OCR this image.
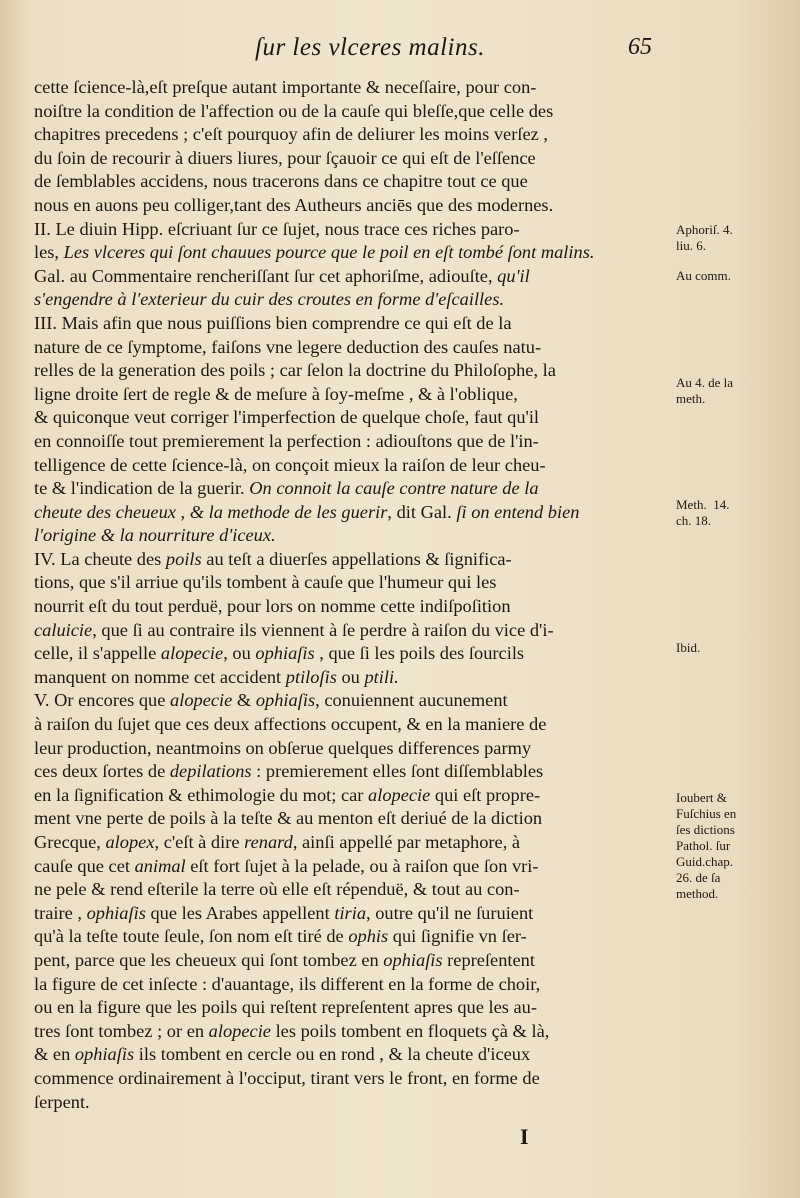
ſur les vlceres malins.	65
cette ſcience-là,eſt preſque autant importante & neceſſaire, pour con-
noiſtre la condition de l'affection ou de la cauſe qui bleſſe,que celle des
chapitres precedens ; c'eſt pourquoy afin de deliurer les moins verſez ,
du ſoin de recourir à diuers liures, pour ſçauoir ce qui eſt de l'eſſence
de ſemblables accidens, nous tracerons dans ce chapitre tout ce que
nous en auons peu colliger,tant des Autheurs anciēs que des modernes.
II. Le diuin Hipp. eſcriuant ſur ce ſujet, nous trace ces riches paro-
les, Les vlceres qui ſont chauues pource que le poil en eſt tombé ſont malins.
Gal. au Commentaire rencheriſſant ſur cet aphoriſme, adiouſte, qu'il
s'engendre à l'exterieur du cuir des croutes en forme d'eſcailles.
III. Mais afin que nous puiſſions bien comprendre ce qui eſt de la
nature de ce ſymptome, faiſons vne legere deduction des cauſes natu-
relles de la generation des poils ; car ſelon la doctrine du Philoſophe, la
ligne droite ſert de regle & de meſure à ſoy-meſme , & à l'oblique,
& quiconque veut corriger l'imperfection de quelque choſe, faut qu'il
en connoiſſe tout premierement la perfection : adiouſtons que de l'in-
telligence de cette ſcience-là, on conçoit mieux la raiſon de leur cheu-
te & l'indication de la guerir. On connoit la cauſe contre nature de la
cheute des cheueux , & la methode de les guerir, dit Gal. ſi on entend bien
l'origine & la nourriture d'iceux.
IV. La cheute des poils au teſt a diuerſes appellations & ſignifica-
tions, que s'il arriue qu'ils tombent à cauſe que l'humeur qui les
nourrit eſt du tout perduë, pour lors on nomme cette indiſpoſition
caluicie, que ſi au contraire ils viennent à ſe perdre à raiſon du vice d'i-
celle, il s'appelle alopecie, ou ophiaſis , que ſi les poils des ſourcils
manquent on nomme cet accident ptiloſis ou ptili.
V. Or encores que alopecie & ophiaſis, conuiennent aucunement
à raiſon du ſujet que ces deux affections occupent, & en la maniere de
leur production, neantmoins on obſerue quelques differences parmy
ces deux ſortes de depilations : premierement elles ſont diſſemblables
en la ſignification & ethimologie du mot; car alopecie qui eſt propre-
ment vne perte de poils à la teſte & au menton eſt deriué de la diction
Grecque, alopex, c'eſt à dire renard, ainſi appellé par metaphore, à
cauſe que cet animal eſt fort ſujet à la pelade, ou à raiſon que ſon vri-
ne pele & rend eſterile la terre où elle eſt répenduë, & tout au con-
traire , ophiaſis que les Arabes appellent tiria, outre qu'il ne ſuruient
qu'à la teſte toute ſeule, ſon nom eſt tiré de ophis qui ſignifie vn ſer-
pent, parce que les cheueux qui ſont tombez en ophiaſis repreſentent
la figure de cet inſecte : d'auantage, ils different en la forme de choir,
ou en la figure que les poils qui reſtent repreſentent apres que les au-
tres ſont tombez ; or en alopecie les poils tombent en floquets çà & là,
& en ophiaſis ils tombent en cercle ou en rond , & la cheute d'iceux
commence ordinairement à l'occiput, tirant vers le front, en forme de
ſerpent.
Aphoriſ. 4.
liu. 6.
Au comm.
Au 4. de la
meth.
Meth.  14.
ch. 18.
Ibid.
Ioubert &
Fuſchius en
ſes dictions
Pathol. ſur
Guid.chap.
26. de ſa
method.
I
